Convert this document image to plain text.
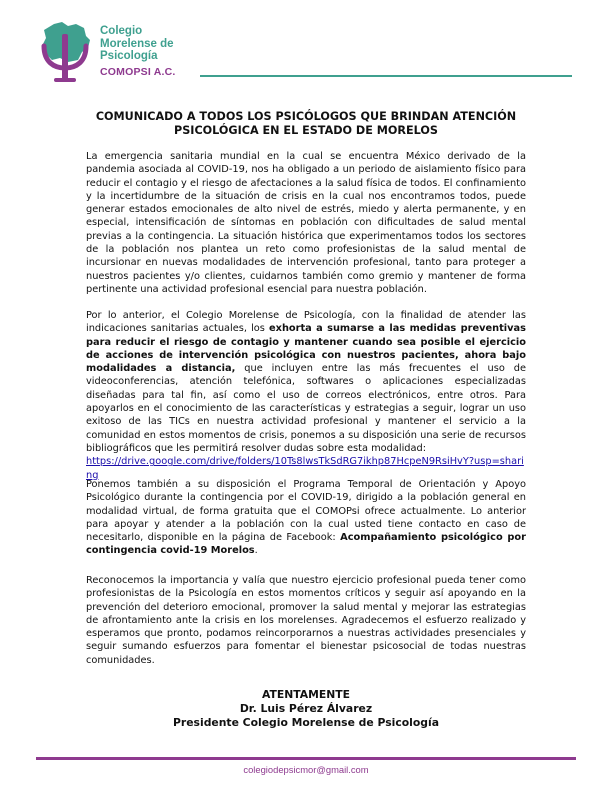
Colegio
Morelense de
Psicología
COMOPSI A.C.
COMUNICADO A TODOS LOS PSICÓLOGOS QUE BRINDAN ATENCIÓN
PSICOLÓGICA EN EL ESTADO DE MORELOS
La emergencia sanitaria mundial en la cual se encuentra México derivado de la pandemia asociada al COVID-19, nos ha obligado a un periodo de aislamiento físico para reducir el contagio y el riesgo de afectaciones a la salud física de todos. El confinamiento y la incertidumbre de la situación de crisis en la cual nos encontramos todos, puede generar estados emocionales de alto nivel de estrés, miedo y alerta permanente, y en especial, intensificación de síntomas en población con dificultades de salud mental previas a la contingencia. La situación histórica que experimentamos todos los sectores de la población nos plantea un reto como profesionistas de la salud mental de incursionar en nuevas modalidades de intervención profesional, tanto para proteger a nuestros pacientes y/o clientes, cuidarnos también como gremio y mantener de forma pertinente una actividad profesional esencial para nuestra población.
Por lo anterior, el Colegio Morelense de Psicología, con la finalidad de atender las indicaciones sanitarias actuales, los exhorta a sumarse a las medidas preventivas para reducir el riesgo de contagio y mantener cuando sea posible el ejercicio de acciones de intervención psicológica con nuestros pacientes, ahora bajo modalidades a distancia, que incluyen entre las más frecuentes el uso de videoconferencias, atención telefónica, softwares o aplicaciones especializadas diseñadas para tal fin, así como el uso de correos electrónicos, entre otros. Para apoyarlos en el conocimiento de las características y estrategias a seguir, lograr un uso exitoso de las TICs en nuestra actividad profesional y mantener el servicio a la comunidad en estos momentos de crisis, ponemos a su disposición una serie de recursos bibliográficos que les permitirá resolver dudas sobre esta modalidad:
https://drive.google.com/drive/folders/10Ts8lwsTkSdRG7ikhp87HcpeN9RsiHvY?usp=sharing
Ponemos también a su disposición el Programa Temporal de Orientación y Apoyo Psicológico durante la contingencia por el COVID-19, dirigido a la población general en modalidad virtual, de forma gratuita que el COMOPsi ofrece actualmente. Lo anterior para apoyar y atender a la población con la cual usted tiene contacto en caso de necesitarlo, disponible en la página de Facebook: Acompañamiento psicológico por contingencia covid-19 Morelos.
Reconocemos la importancia y valía que nuestro ejercicio profesional pueda tener como profesionistas de la Psicología en estos momentos críticos y seguir así apoyando en la prevención del deterioro emocional, promover la salud mental y mejorar las estrategias de afrontamiento ante la crisis en los morelenses. Agradecemos el esfuerzo realizado y esperamos que pronto, podamos reincorporarnos a nuestras actividades presenciales y seguir sumando esfuerzos para fomentar el bienestar psicosocial de todas nuestras comunidades.
ATENTAMENTE
Dr. Luis Pérez Álvarez
Presidente Colegio Morelense de Psicología
colegiodepsicmor@gmail.com
